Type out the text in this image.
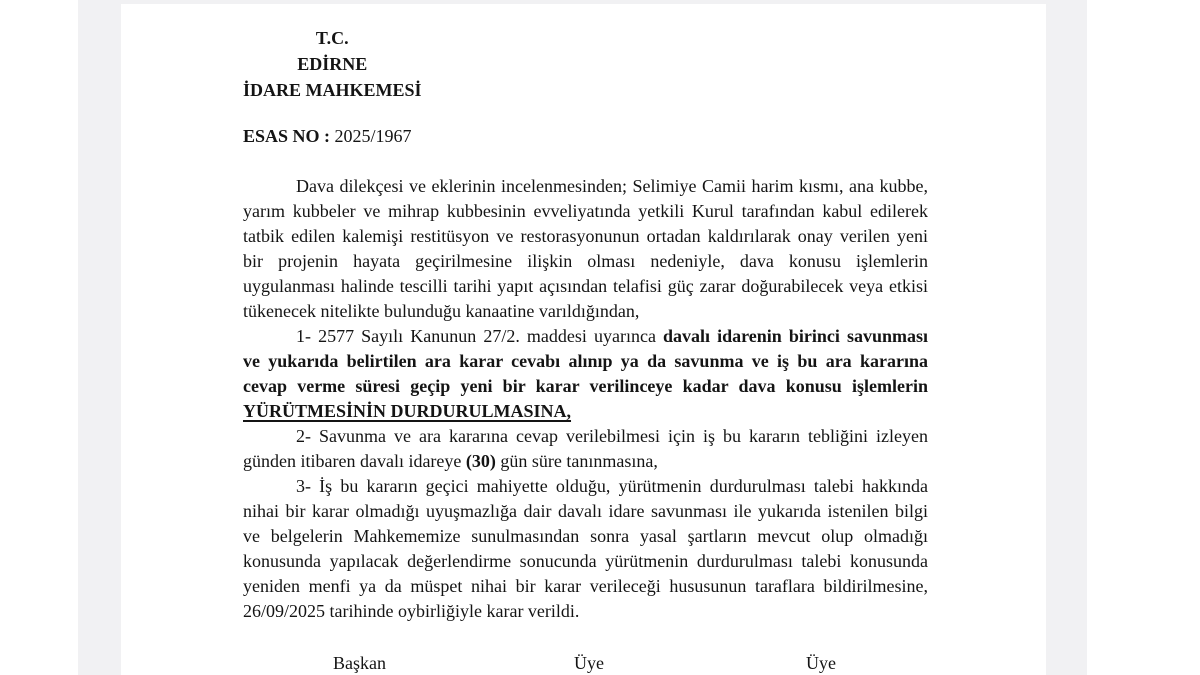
T.C.
EDİRNE
İDARE MAHKEMESİ
ESAS NO : 2025/1967
Dava dilekçesi ve eklerinin incelenmesinden; Selimiye Camii harim kısmı, ana kubbe,
yarım kubbeler ve mihrap kubbesinin evveliyatında yetkili Kurul tarafından kabul edilerek
tatbik edilen kalemişi restitüsyon ve restorasyonunun ortadan kaldırılarak onay verilen yeni
bir projenin hayata geçirilmesine ilişkin olması nedeniyle, dava konusu işlemlerin
uygulanması halinde tescilli tarihi yapıt açısından telafisi güç zarar doğurabilecek veya etkisi
tükenecek nitelikte bulunduğu kanaatine varıldığından,
1- 2577 Sayılı Kanunun 27/2. maddesi uyarınca davalı idarenin birinci savunması
ve yukarıda belirtilen ara karar cevabı alınıp ya da savunma ve iş bu ara kararına
cevap verme süresi geçip yeni bir karar verilinceye kadar dava konusu işlemlerin
YÜRÜTMESİNİN DURDURULMASINA,
2- Savunma ve ara kararına cevap verilebilmesi için iş bu kararın tebliğini izleyen
günden itibaren davalı idareye (30) gün süre tanınmasına,
3- İş bu kararın geçici mahiyette olduğu, yürütmenin durdurulması talebi hakkında
nihai bir karar olmadığı uyuşmazlığa dair davalı idare savunması ile yukarıda istenilen bilgi
ve belgelerin Mahkememize sunulmasından sonra yasal şartların mevcut olup olmadığı
konusunda yapılacak değerlendirme sonucunda yürütmenin durdurulması talebi konusunda
yeniden menfi ya da müspet nihai bir karar verileceği hususunun taraflara bildirilmesine,
26/09/2025 tarihinde oybirliğiyle karar verildi.
Başkan	Üye	Üye
